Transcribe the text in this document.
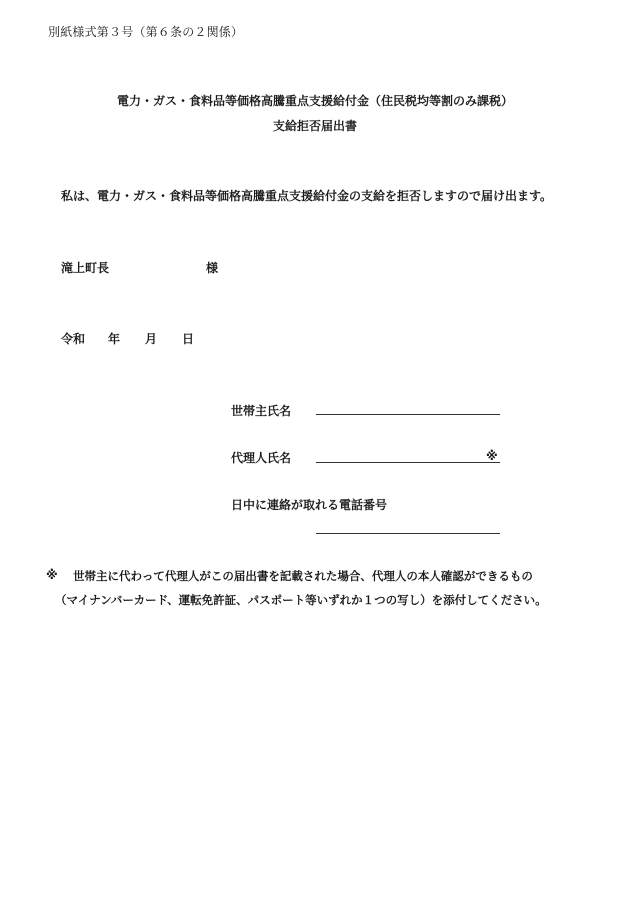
別紙様式第３号（第６条の２関係）
電力・ガス・食料品等価格高騰重点支援給付金（住民税均等割のみ課税）
支給拒否届出書
私は、電力・ガス・食料品等価格高騰重点支援給付金の支給を拒否しますので届け出ます。
滝上町長	様
令和 年 月 日
世帯主氏名
代理人氏名	※
日中に連絡が取れる電話番号
※ 世帯主に代わって代理人がこの届出書を記載された場合、代理人の本人確認ができるもの
（マイナンバーカード、運転免許証、パスポート等いずれか１つの写し）を添付してください。
